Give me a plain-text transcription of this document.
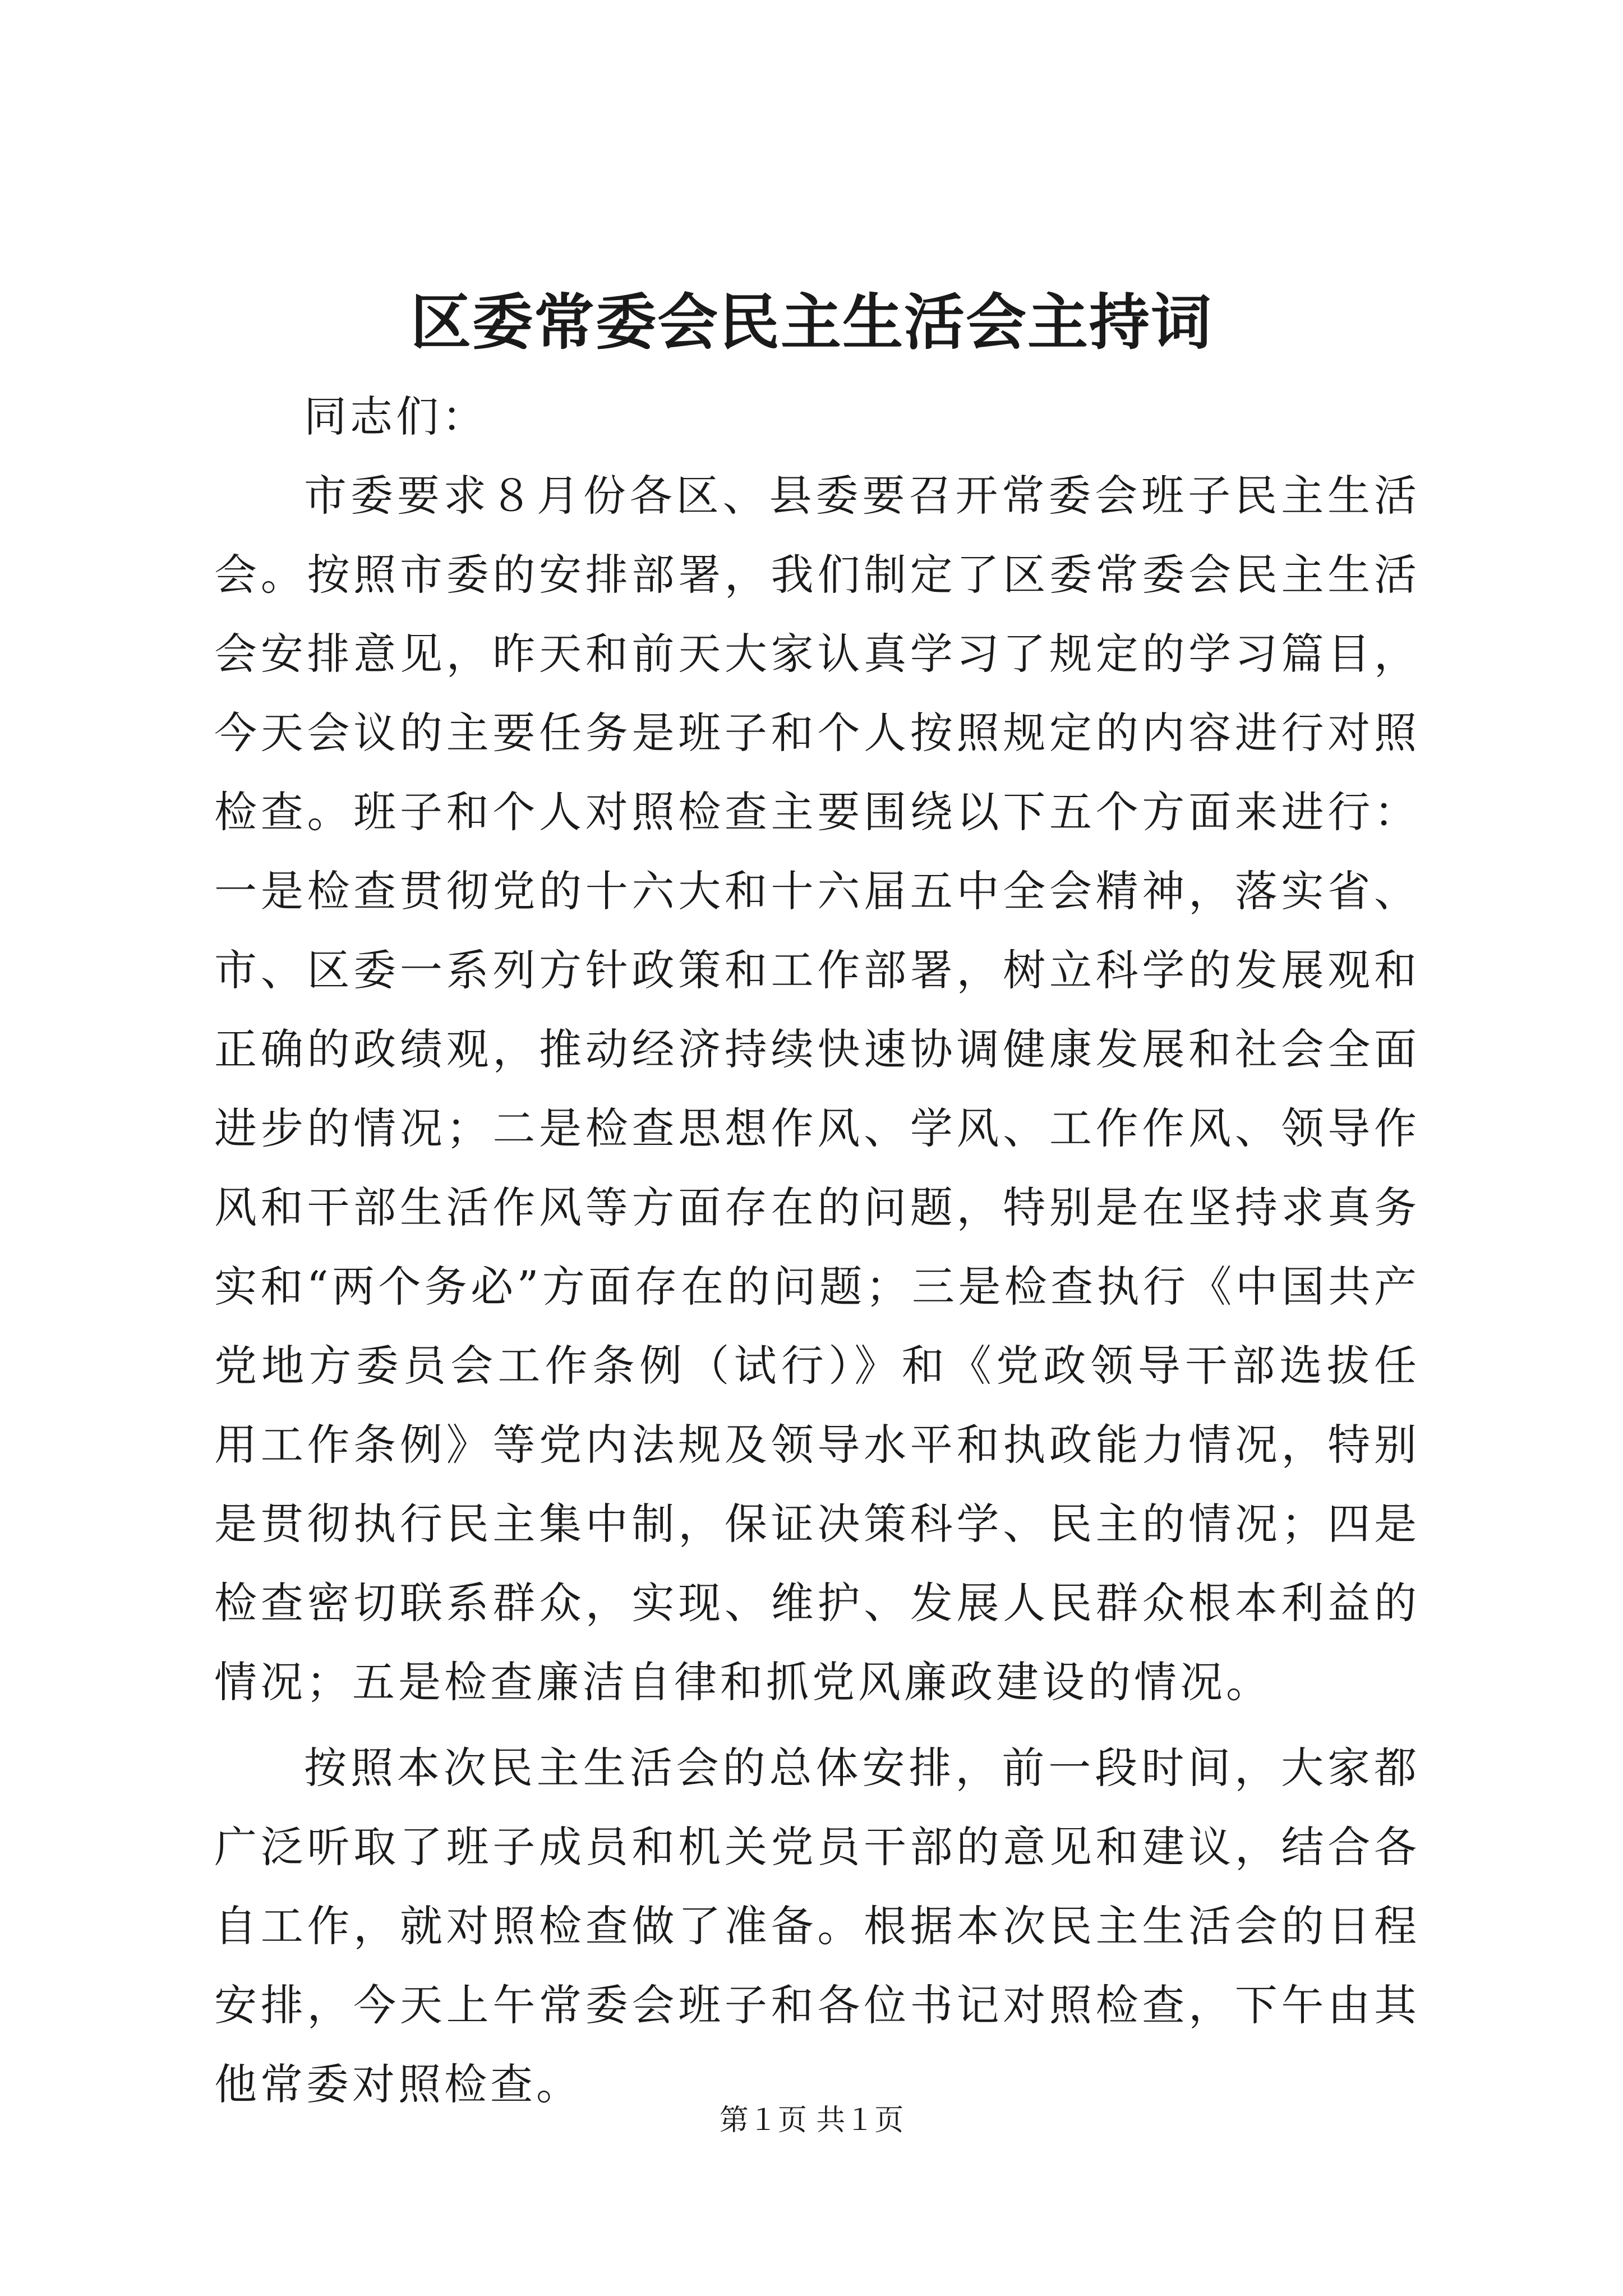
区委常委会民主生活会主持词

同志们：

市委要求８月份各区、县委要召开常委会班子民主生活会。按照市委的安排部署，我们制定了区委常委会民主生活会安排意见，昨天和前天大家认真学习了规定的学习篇目，今天会议的主要任务是班子和个人按照规定的内容进行对照检查。班子和个人对照检查主要围绕以下五个方面来进行：一是检查贯彻党的十六大和十六届五中全会精神，落实省、市、区委一系列方针政策和工作部署，树立科学的发展观和正确的政绩观，推动经济持续快速协调健康发展和社会全面进步的情况；二是检查思想作风、学风、工作作风、领导作风和干部生活作风等方面存在的问题，特别是在坚持求真务实和“两个务必”方面存在的问题；三是检查执行《中国共产党地方委员会工作条例（试行）》和《党政领导干部选拔任用工作条例》等党内法规及领导水平和执政能力情况，特别是贯彻执行民主集中制，保证决策科学、民主的情况；四是检查密切联系群众，实现、维护、发展人民群众根本利益的情况；五是检查廉洁自律和抓党风廉政建设的情况。

按照本次民主生活会的总体安排，前一段时间，大家都广泛听取了班子成员和机关党员干部的意见和建议，结合各自工作，就对照检查做了准备。根据本次民主生活会的日程安排，今天上午常委会班子和各位书记对照检查，下午由其他常委对照检查。

第１页 共１页
